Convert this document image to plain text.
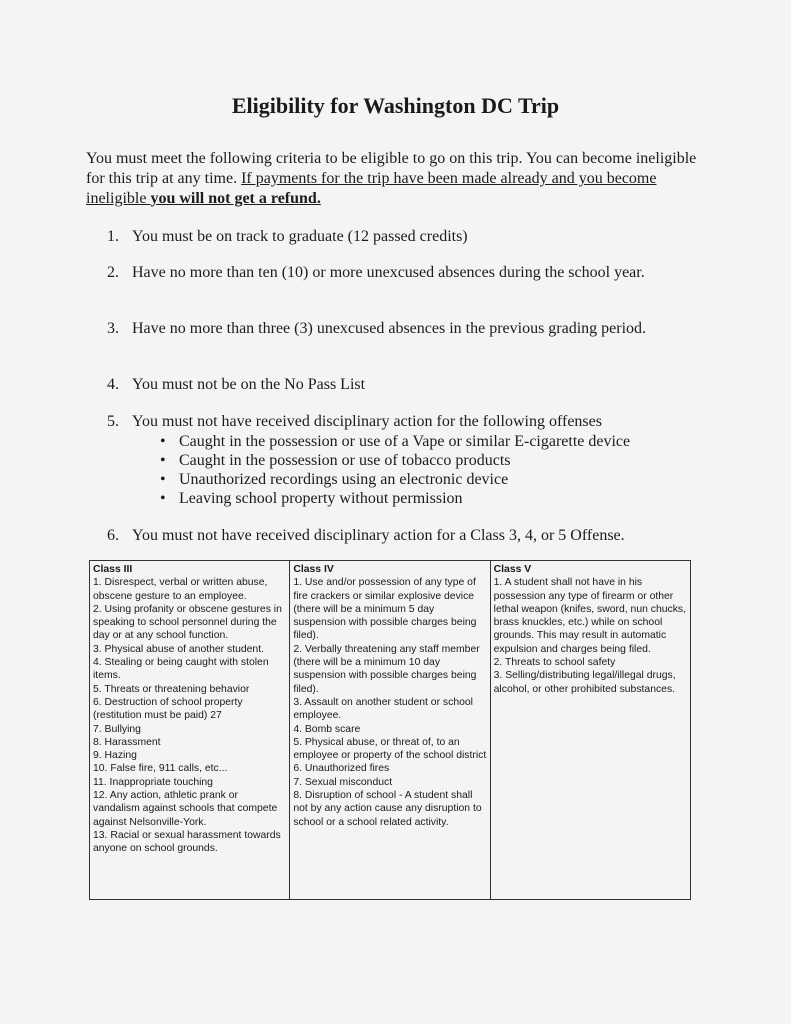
Eligibility for Washington DC Trip

You must meet the following criteria to be eligible to go on this trip. You can become ineligible for this trip at any time. If payments for the trip have been made already and you become ineligible you will not get a refund.

1. You must be on track to graduate (12 passed credits)
2. Have no more than ten (10) or more unexcused absences during the school year.
3. Have no more than three (3) unexcused absences in the previous grading period.
4. You must not be on the No Pass List
5. You must not have received disciplinary action for the following offenses
• Caught in the possession or use of a Vape or similar E-cigarette device
• Caught in the possession or use of tobacco products
• Unauthorized recordings using an electronic device
• Leaving school property without permission
6. You must not have received disciplinary action for a Class 3, 4, or 5 Offense.
Class III
1. Disrespect, verbal or written abuse, obscene gesture to an employee.
2. Using profanity or obscene gestures in speaking to school personnel during the day or at any school function.
3. Physical abuse of another student.
4. Stealing or being caught with stolen items.
5. Threats or threatening behavior
6. Destruction of school property (restitution must be paid) 27
7. Bullying
8. Harassment
9. Hazing
10. False fire, 911 calls, etc...
11. Inappropriate touching
12. Any action, athletic prank or vandalism against schools that compete against Nelsonville-York.
13. Racial or sexual harassment towards anyone on school grounds.

Class IV
1. Use and/or possession of any type of fire crackers or similar explosive device (there will be a minimum 5 day suspension with possible charges being filed).
2. Verbally threatening any staff member (there will be a minimum 10 day suspension with possible charges being filed).
3. Assault on another student or school employee.
4. Bomb scare
5. Physical abuse, or threat of, to an employee or property of the school district
6. Unauthorized fires
7. Sexual misconduct
8. Disruption of school - A student shall not by any action cause any disruption to school or a school related activity.

Class V
1. A student shall not have in his possession any type of firearm or other lethal weapon (knifes, sword, nun chucks, brass knuckles, etc.) while on school grounds. This may result in automatic expulsion and charges being filed.
2. Threats to school safety
3. Selling/distributing legal/illegal drugs, alcohol, or other prohibited substances.
